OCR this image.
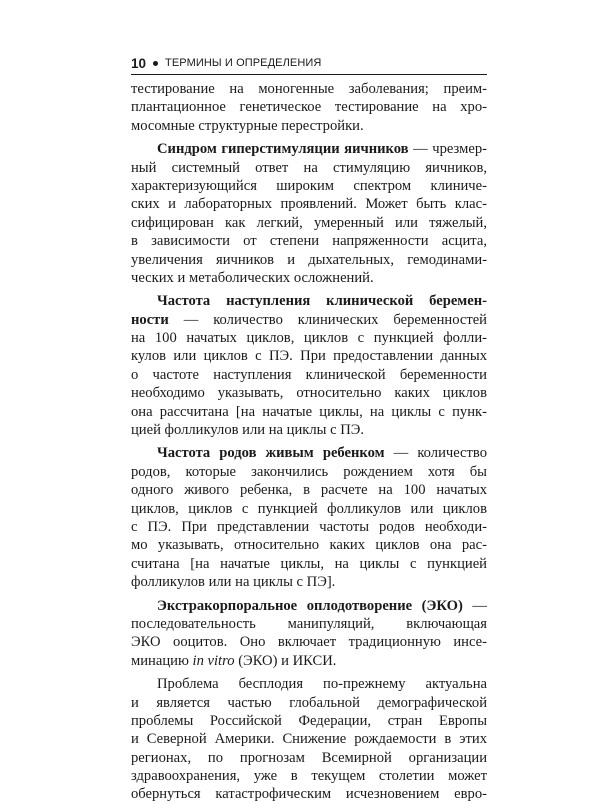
10 ТЕРМИНЫ И ОПРЕДЕЛЕНИЯ
тестирование на моногенные заболевания; преим-
плантационное генетическое тестирование на хро-
мосомные структурные перестройки.
Синдром гиперстимуляции яичников — чрезмер-
ный системный ответ на стимуляцию яичников,
характеризующийся широким спектром клиниче-
ских и лабораторных проявлений. Может быть клас-
сифицирован как легкий, умеренный или тяжелый,
в зависимости от степени напряженности асцита,
увеличения яичников и дыхательных, гемодинами-
ческих и метаболических осложнений.
Частота наступления клинической беремен-
ности — количество клинических беременностей
на 100 начатых циклов, циклов с пункцией фолли-
кулов или циклов с ПЭ. При предоставлении данных
о частоте наступления клинической беременности
необходимо указывать, относительно каких циклов
она рассчитана [на начатые циклы, на циклы с пунк-
цией фолликулов или на циклы с ПЭ.
Частота родов живым ребенком — количество
родов, которые закончились рождением хотя бы
одного живого ребенка, в расчете на 100 начатых
циклов, циклов с пункцией фолликулов или циклов
с ПЭ. При представлении частоты родов необходи-
мо указывать, относительно каких циклов она рас-
считана [на начатые циклы, на циклы с пункцией
фолликулов или на циклы с ПЭ].
Экстракорпоральное оплодотворение (ЭКО) —
последовательность манипуляций, включающая
ЭКО ооцитов. Оно включает традиционную инсе-
минацию in vitro (ЭКО) и ИКСИ.
Проблема бесплодия по-прежнему актуальна
и является частью глобальной демографической
проблемы Российской Федерации, стран Европы
и Северной Америки. Снижение рождаемости в этих
регионах, по прогнозам Всемирной организации
здравоохранения, уже в текущем столетии может
обернуться катастрофическим исчезновением евро-
